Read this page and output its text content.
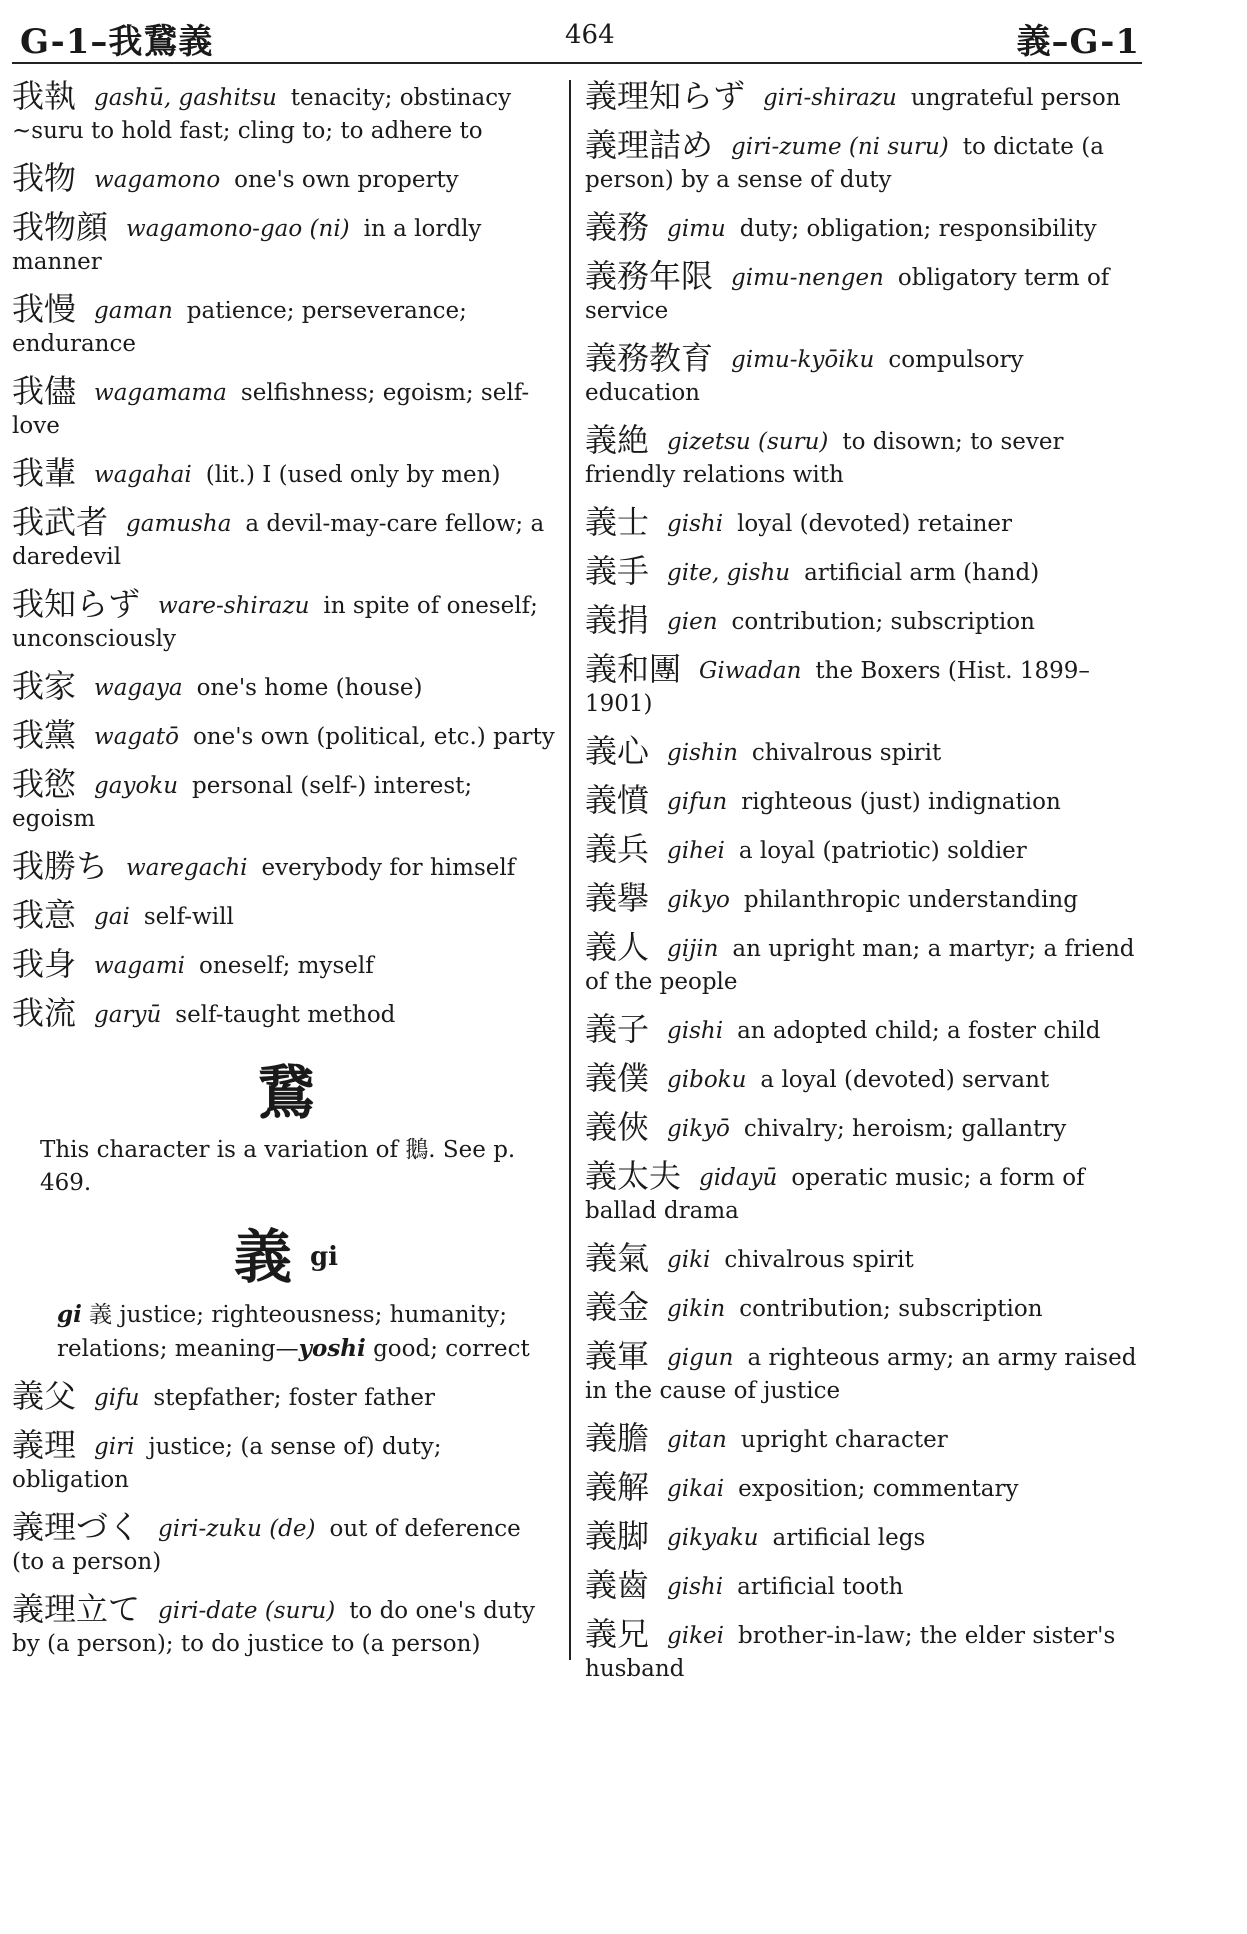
G-1–我鵞義	464	義–G-1
我執 gashū, gashitsu tenacity; obstinacy ~suru to hold fast; cling to; to adhere to
我物 wagamono one's own property
我物顔 wagamono-gao (ni) in a lordly manner
我慢 gaman patience; perseverance; endurance
我儘 wagamama selfishness; egoism; self-love
我輩 wagahai (lit.) I (used only by men)
我武者 gamusha a devil-may-care fellow; a daredevil
我知らず ware-shirazu in spite of oneself; unconsciously
我家 wagaya one's home (house)
我黨 wagatō one's own (political, etc.) party
我慾 gayoku personal (self-) interest; egoism
我勝ち waregachi everybody for himself
我意 gai self-will
我身 wagami oneself; myself
我流 garyū self-taught method
鵞
This character is a variation of 鵝. See p. 469.
義gi
gi 義 justice; righteousness; humanity; relations; meaning—yoshi good; correct
義父 gifu stepfather; foster father
義理 giri justice; (a sense of) duty; obligation
義理づく giri-zuku (de) out of deference (to a person)
義理立て giri-date (suru) to do one's duty by (a person); to do justice to (a person)
義理知らず giri-shirazu ungrateful person
義理詰め giri-zume (ni suru) to dictate (a person) by a sense of duty
義務 gimu duty; obligation; responsibility
義務年限 gimu-nengen obligatory term of service
義務教育 gimu-kyōiku compulsory education
義絶 gizetsu (suru) to disown; to sever friendly relations with
義士 gishi loyal (devoted) retainer
義手 gite, gishu artificial arm (hand)
義捐 gien contribution; subscription
義和團 Giwadan the Boxers (Hist. 1899–1901)
義心 gishin chivalrous spirit
義憤 gifun righteous (just) indignation
義兵 gihei a loyal (patriotic) soldier
義擧 gikyo philanthropic understanding
義人 gijin an upright man; a martyr; a friend of the people
義子 gishi an adopted child; a foster child
義僕 giboku a loyal (devoted) servant
義俠 gikyō chivalry; heroism; gallantry
義太夫 gidayū operatic music; a form of ballad drama
義氣 giki chivalrous spirit
義金 gikin contribution; subscription
義軍 gigun a righteous army; an army raised in the cause of justice
義膽 gitan upright character
義解 gikai exposition; commentary
義脚 gikyaku artificial legs
義齒 gishi artificial tooth
義兄 gikei brother-in-law; the elder sister's husband
